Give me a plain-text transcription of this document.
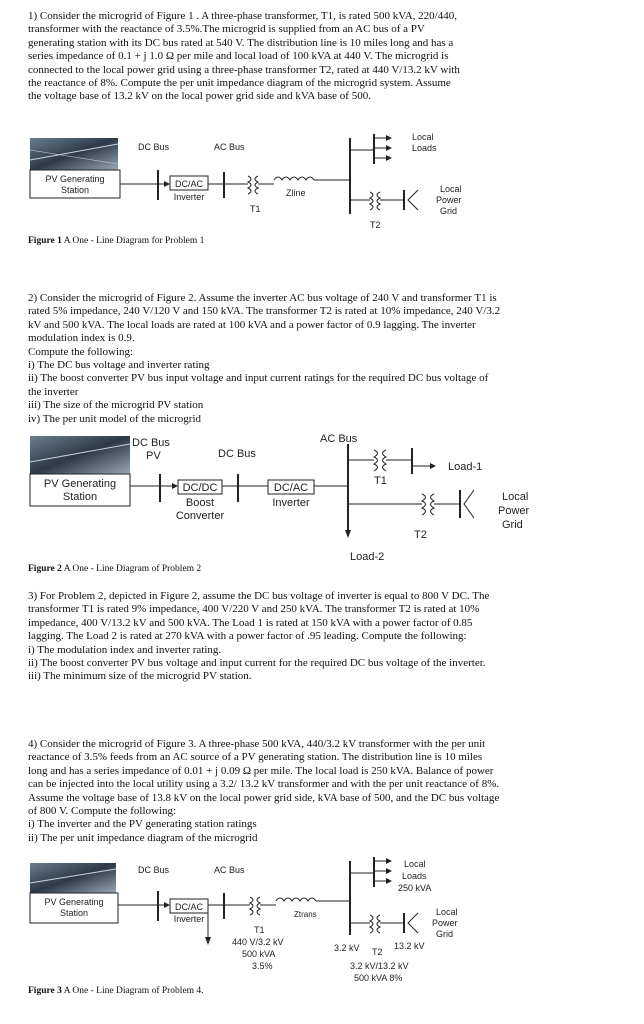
1) Consider the microgrid of Figure 1 . A three-phase transformer, T1, is rated 500 kVA, 220/440,
transformer with the reactance of 3.5%.The microgrid is supplied from an AC bus of a PV
generating station with its DC bus rated at 540 V. The distribution line is 10 miles long and has a
series impedance of 0.1 + j 1.0 Ω per mile and local load of 100 kVA at 440 V. The microgrid is
connected to the local power grid using a three-phase transformer T2, rated at 440 V/13.2 kV with
the reactance of 8%. Compute the per unit impedance diagram of the microgrid system. Assume
the voltage base of 13.2 kV on the local power grid side and kVA base of 500.

PV Generating
Station
DC Bus
DC/AC
Inverter
AC Bus
T1
Zline
Local
Loads
T2
Local
Power
Grid
Figure 1 A One - Line Diagram for Problem 1

2) Consider the microgrid of Figure 2. Assume the inverter AC bus voltage of 240 V and transformer T1 is
rated 5% impedance, 240 V/120 V and 150 kVA. The transformer T2 is rated at 10% impedance, 240 V/3.2
kV and 500 kVA. The local loads are rated at 100 kVA and a power factor of 0.9 lagging. The inverter
modulation index is 0.9.
Compute the following:
i) The DC bus voltage and inverter rating
ii) The boost converter PV bus input voltage and input current ratings for the required DC bus voltage of
the inverter
iii) The size of the microgrid PV station
iv) The per unit model of the microgrid

PV Generating
Station
DC Bus
PV
DC/DC
Boost
Converter
DC Bus
DC/AC
Inverter
AC Bus
T1
Load-1
T2
Local
Power
Grid
Load-2
Figure 2 A One - Line Diagram of Problem 2

3) For Problem 2, depicted in Figure 2, assume the DC bus voltage of inverter is equal to 800 V DC. The
transformer T1 is rated 9% impedance, 400 V/220 V and 250 kVA. The transformer T2 is rated at 10%
impedance, 400 V/13.2 kV and 500 kVA. The Load 1 is rated at 150 kVA with a power factor of 0.85
lagging. The Load 2 is rated at 270 kVA with a power factor of .95 leading. Compute the following:
i) The modulation index and inverter rating.
ii) The boost converter PV bus voltage and input current for the required DC bus voltage of the inverter.
iii) The minimum size of the microgrid PV station.

4) Consider the microgrid of Figure 3. A three-phase 500 kVA, 440/3.2 kV transformer with the per unit
reactance of 3.5% feeds from an AC source of a PV generating station. The distribution line is 10 miles
long and has a series impedance of 0.01 + j 0.09 Ω per mile. The local load is 250 kVA. Balance of power
can be injected into the local utility using a 3.2/ 13.2 kV transformer and with the per unit reactance of 8%.
Assume the voltage base of 13.8 kV on the local power grid side, kVA base of 500, and the DC bus voltage
of 800 V. Compute the following:
i) The inverter and the PV generating station ratings
ii) The per unit impedance diagram of the microgrid

PV Generating
Station
DC Bus
DC/AC
Inverter
AC Bus
T1
440 V/3.2 kV
500 kVA
3.5%
Ztrans
Local
Loads
250 kVA
3.2 kV T2
13.2 kV
3.2 kV/13.2 kV
500 kVA 8%
Local
Power
Grid
Figure 3 A One - Line Diagram of Problem 4.
